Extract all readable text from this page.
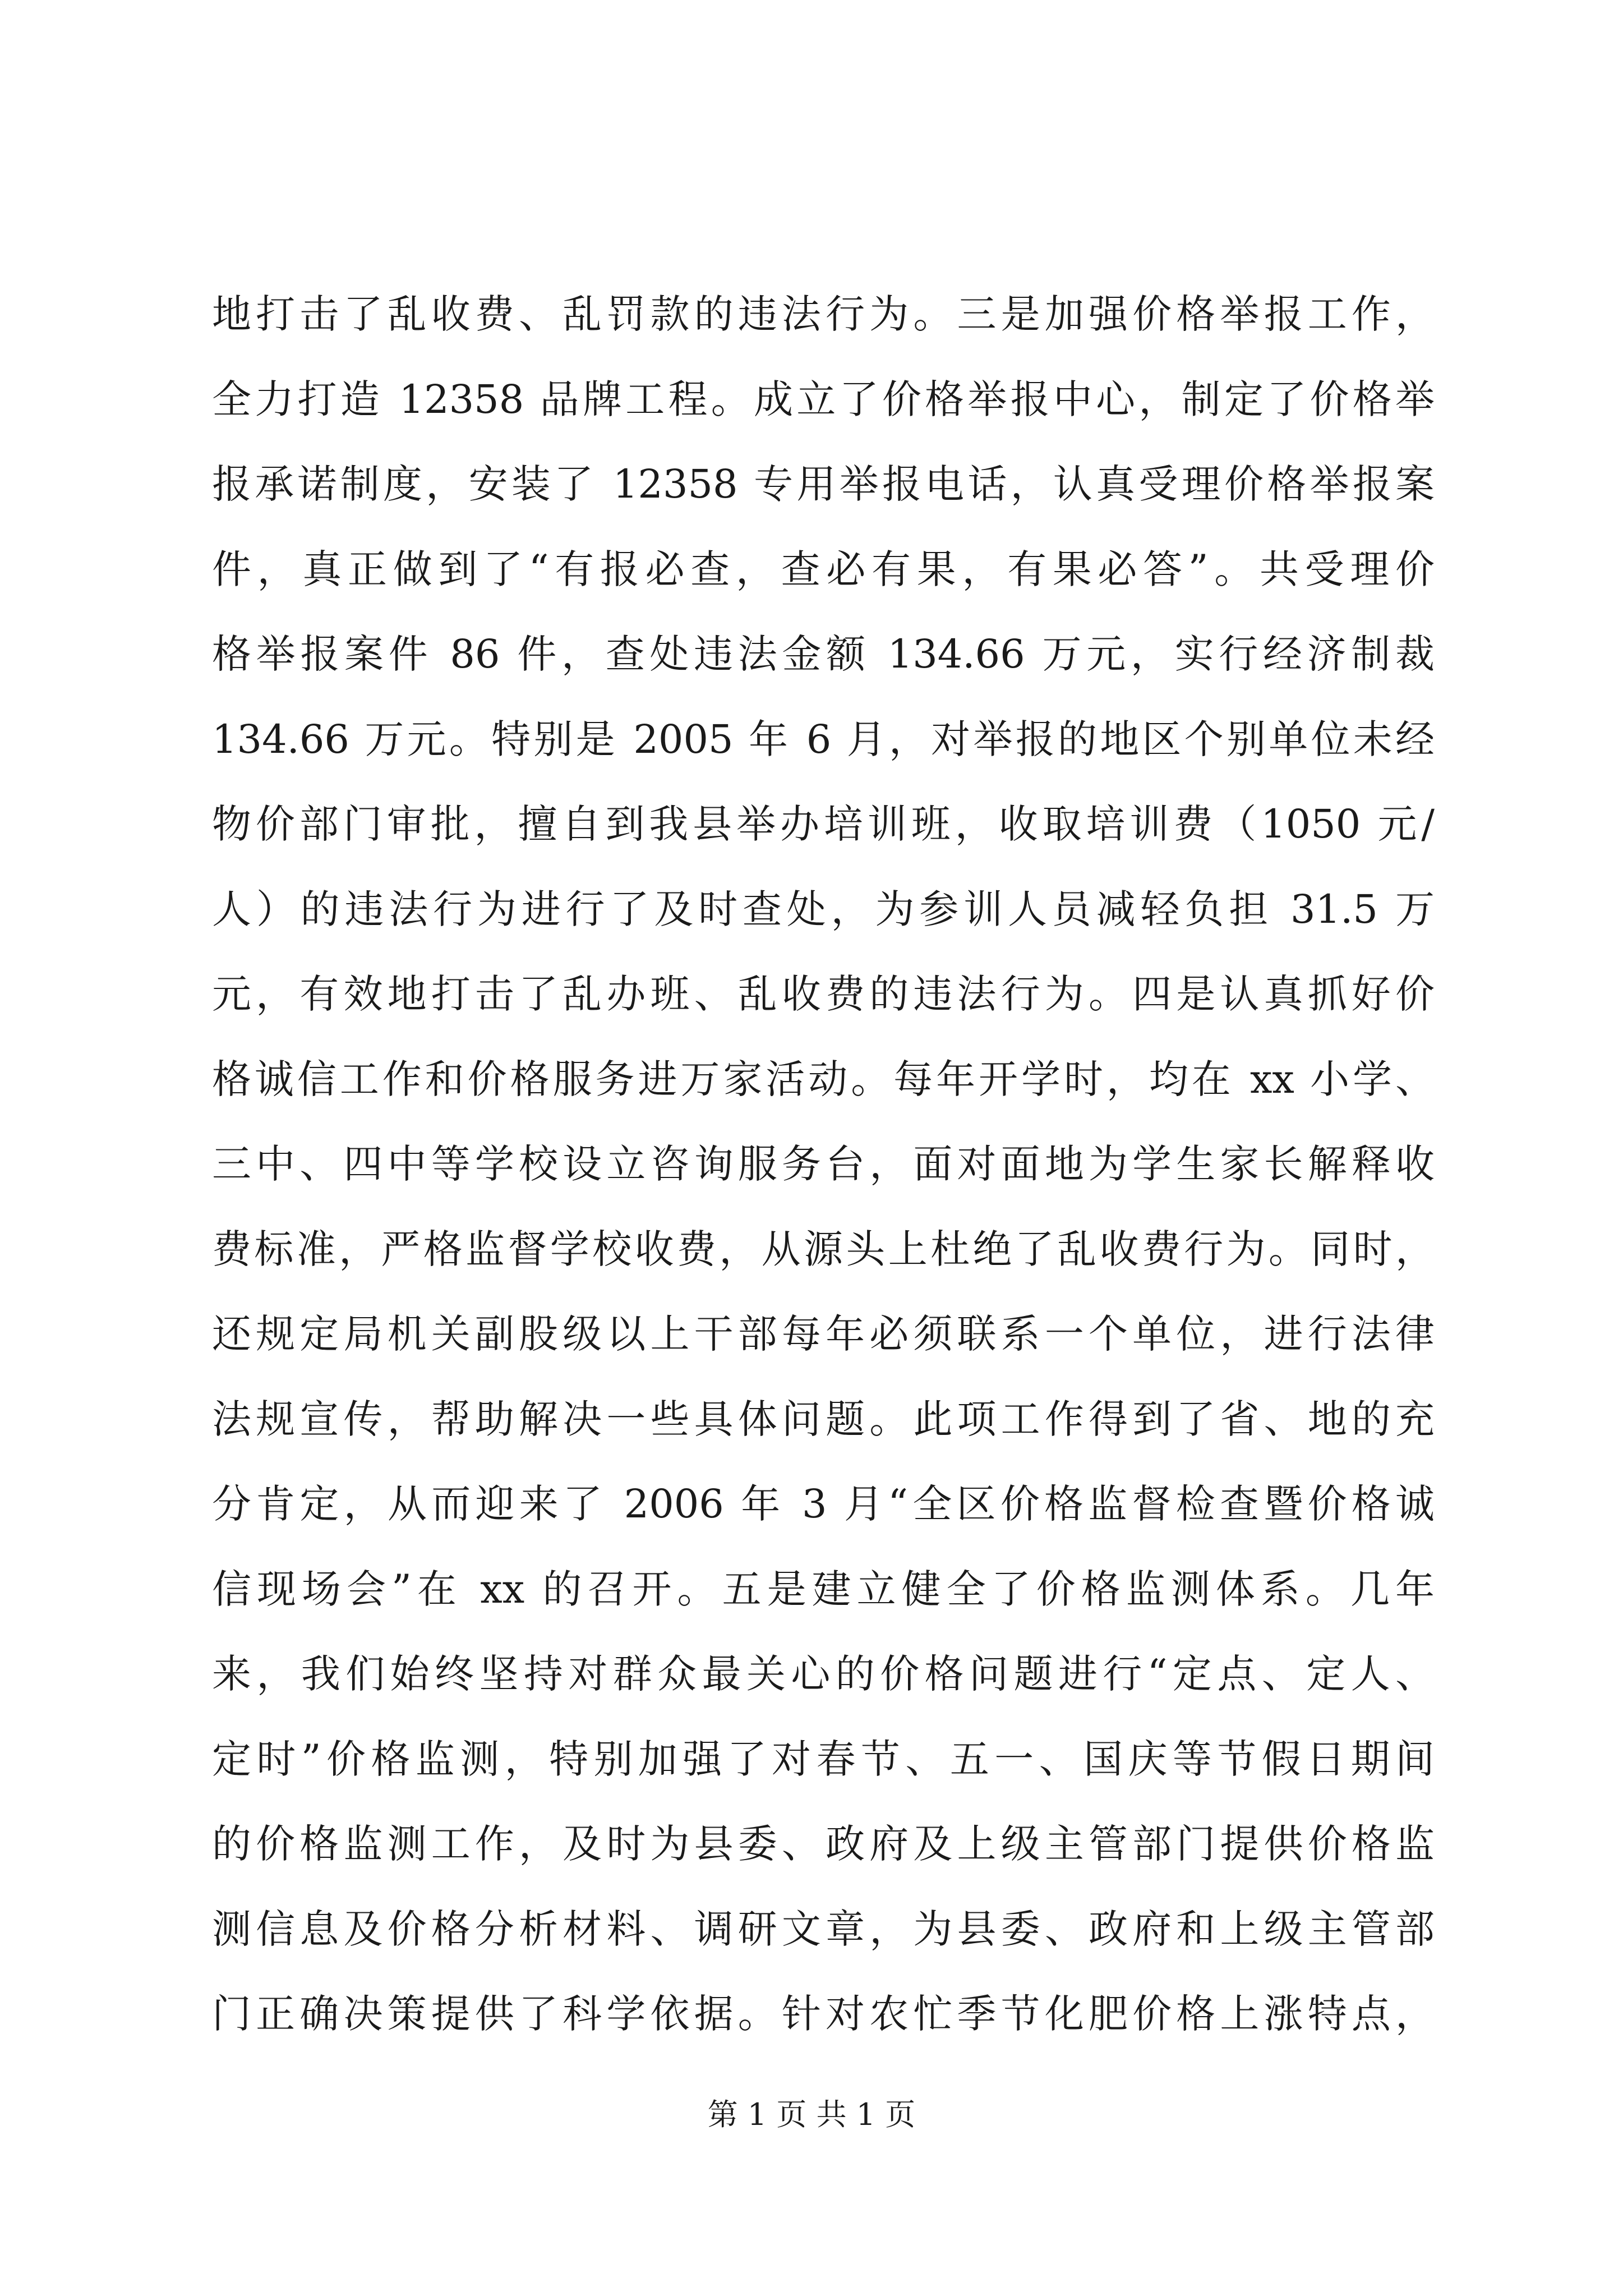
地打击了乱收费、乱罚款的违法行为。三是加强价格举报工作，
全力打造 12358 品牌工程。成立了价格举报中心，制定了价格举
报承诺制度，安装了 12358 专用举报电话，认真受理价格举报案
件，真正做到了“有报必查，查必有果，有果必答”。共受理价
格举报案件 86 件，查处违法金额 134.66 万元，实行经济制裁
134.66 万元。特别是 2005 年 6 月，对举报的地区个别单位未经
物价部门审批，擅自到我县举办培训班，收取培训费（1050 元/
人）的违法行为进行了及时查处，为参训人员减轻负担 31.5 万
元，有效地打击了乱办班、乱收费的违法行为。四是认真抓好价
格诚信工作和价格服务进万家活动。每年开学时，均在 xx 小学、
三中、四中等学校设立咨询服务台，面对面地为学生家长解释收
费标准，严格监督学校收费，从源头上杜绝了乱收费行为。同时，
还规定局机关副股级以上干部每年必须联系一个单位，进行法律
法规宣传，帮助解决一些具体问题。此项工作得到了省、地的充
分肯定，从而迎来了 2006 年 3 月“全区价格监督检查暨价格诚
信现场会”在 xx 的召开。五是建立健全了价格监测体系。几年
来，我们始终坚持对群众最关心的价格问题进行“定点、定人、
定时”价格监测，特别加强了对春节、五一、国庆等节假日期间
的价格监测工作，及时为县委、政府及上级主管部门提供价格监
测信息及价格分析材料、调研文章，为县委、政府和上级主管部
门正确决策提供了科学依据。针对农忙季节化肥价格上涨特点，
第 1 页 共 1 页
